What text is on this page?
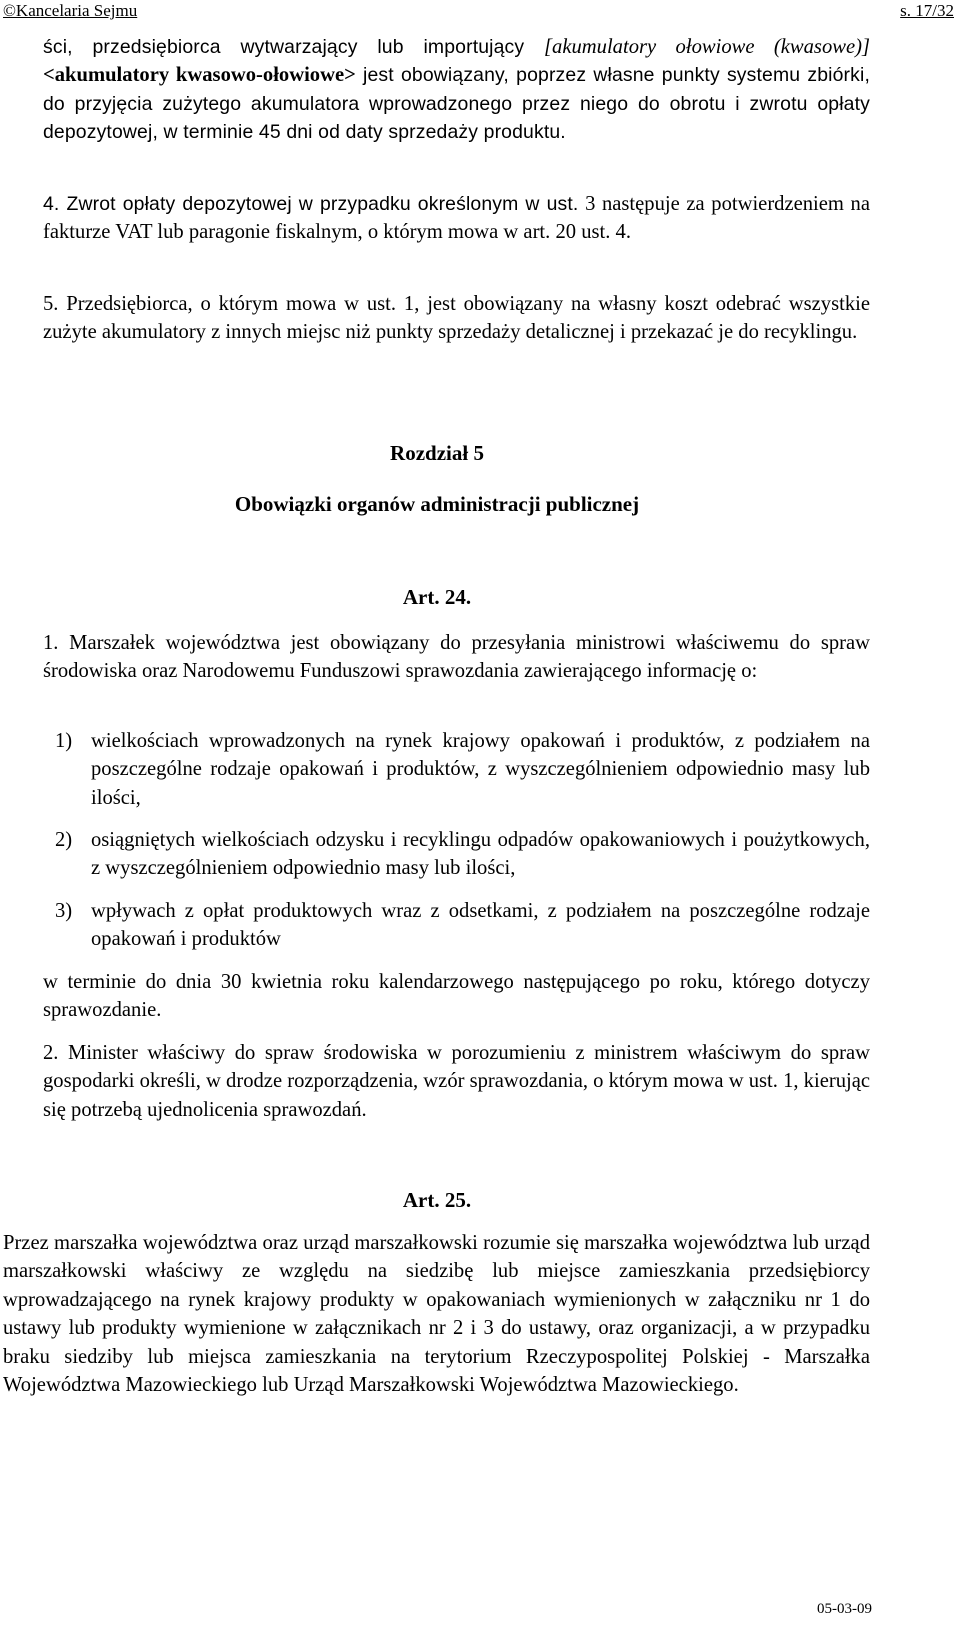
©Kancelaria Sejmu	s. 17/32

ści, przedsiębiorca wytwarzający lub importujący [akumulatory ołowiowe (kwasowe)] <akumulatory kwasowo-ołowiowe> jest obowiązany, poprzez własne punkty systemu zbiórki, do przyjęcia zużytego akumulatora wprowadzonego przez niego do obrotu i zwrotu opłaty depozytowej, w terminie 45 dni od daty sprzedaży produktu.

4. Zwrot opłaty depozytowej w przypadku określonym w ust. 3 następuje za potwierdzeniem na fakturze VAT lub paragonie fiskalnym, o którym mowa w art. 20 ust. 4.

5. Przedsiębiorca, o którym mowa w ust. 1, jest obowiązany na własny koszt odebrać wszystkie zużyte akumulatory z innych miejsc niż punkty sprzedaży detalicznej i przekazać je do recyklingu.

Rozdział 5

Obowiązki organów administracji publicznej

Art. 24.

1. Marszałek województwa jest obowiązany do przesyłania ministrowi właściwemu do spraw środowiska oraz Narodowemu Funduszowi sprawozdania zawierającego informację o:

1) wielkościach wprowadzonych na rynek krajowy opakowań i produktów, z podziałem na poszczególne rodzaje opakowań i produktów, z wyszczególnieniem odpowiednio masy lub ilości,
2) osiągniętych wielkościach odzysku i recyklingu odpadów opakowaniowych i poużytkowych, z wyszczególnieniem odpowiednio masy lub ilości,
3) wpływach z opłat produktowych wraz z odsetkami, z podziałem na poszczególne rodzaje opakowań i produktów

w terminie do dnia 30 kwietnia roku kalendarzowego następującego po roku, którego dotyczy sprawozdanie.

2. Minister właściwy do spraw środowiska w porozumieniu z ministrem właściwym do spraw gospodarki określi, w drodze rozporządzenia, wzór sprawozdania, o którym mowa w ust. 1, kierując się potrzebą ujednolicenia sprawozdań.

Art. 25.

Przez marszałka województwa oraz urząd marszałkowski rozumie się marszałka województwa lub urząd marszałkowski właściwy ze względu na siedzibę lub miejsce zamieszkania przedsiębiorcy wprowadzającego na rynek krajowy produkty w opakowaniach wymienionych w załączniku nr 1 do ustawy lub produkty wymienione w załącznikach nr 2 i 3 do ustawy, oraz organizacji, a w przypadku braku siedziby lub miejsca zamieszkania na terytorium Rzeczypospolitej Polskiej - Marszałka Województwa Mazowieckiego lub Urząd Marszałkowski Województwa Mazowieckiego.

05-03-09
